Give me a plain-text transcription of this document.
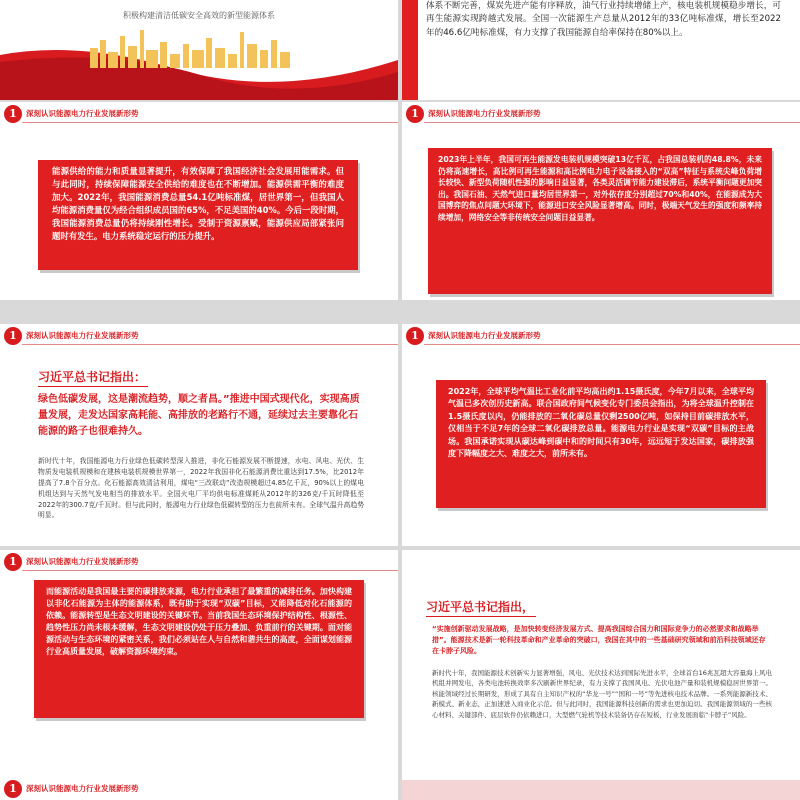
积极构建清洁低碳安全高效的新型能源体系
体系不断完善，煤炭先进产能有序释放，油气行业持续增储上产，核电装机规模稳步增长，可再生能源实现跨越式发展。全国一次能源生产总量从2012年的33亿吨标准煤，增长至2022年的46.6亿吨标准煤，有力支撑了我国能源自给率保持在80%以上。
1	深刻认识能源电力行业发展新形势
能源供给的能力和质量显著提升，有效保障了我国经济社会发展用能需求。但与此同时，持续保障能源安全供给的难度也在不断增加。能源供需平衡的难度加大。2022年，我国能源消费总量54.1亿吨标准煤，居世界第一，但我国人均能源消费量仅为经合组织成员国的65%，不足美国的40%。今后一段时期，我国能源消费总量仍将持续刚性增长。受制于资源禀赋，能源供应局部紧张问题时有发生。电力系统稳定运行的压力提升。
1	深刻认识能源电力行业发展新形势
2023年上半年，我国可再生能源发电装机规模突破13亿千瓦，占我国总装机的48.8%，未来仍将高速增长，高比例可再生能源和高比例电力电子设备接入的“双高”特征与系统尖峰负荷增长较快、新型负荷随机性强的影响日益显著，各类灵活调节能力建设滞后，系统平衡问题更加突出。我国石油、天然气进口量均居世界第一，对外依存度分别超过70%和40%，在能源成为大国博弈的焦点问题大环境下，能源进口安全风险显著增高。同时，极端天气发生的强度和频率持续增加，网络安全等非传统安全问题日益显著。
1	深刻认识能源电力行业发展新形势
习近平总书记指出：
绿色低碳发展，这是潮流趋势，顺之者昌。”推进中国式现代化，实现高质量发展，走发达国家高耗能、高排放的老路行不通，延续过去主要靠化石能源的路子也很难持久。
新时代十年，我国能源电力行业绿色低碳转型深入推进，非化石能源发展不断提速，水电、风电、光伏、生物质发电装机规模和在建核电装机规模世界第一，2022年我国非化石能源消费比重达到17.5%，比2012年提高了7.8个百分点。化石能源高效清洁利用，煤电“三改联动”改造规模超过4.85亿千瓦，90%以上的煤电机组达到与天然气发电相当的排放水平。全国火电厂平均供电标准煤耗从2012年的326克/千瓦时降低至2022年的300.7克/千瓦时。但与此同时，能源电力行业绿色低碳转型的压力也前所未有。全球气温升高趋势明显。
1	深刻认识能源电力行业发展新形势
2022年，全球平均气温比工业化前平均高出约1.15摄氏度，今年7月以来，全球平均气温已多次创历史新高。联合国政府间气候变化专门委员会指出，为将全球温升控制在1.5摄氏度以内，仍能排放的二氧化碳总量仅剩2500亿吨，如保持目前碳排放水平，仅相当于不足7年的全球二氧化碳排放总量。能源电力行业是实现“双碳”目标的主战场。我国承诺实现从碳达峰到碳中和的时间只有30年，远远短于发达国家，碳排放强度下降幅度之大、难度之大，前所未有。
1	深刻认识能源电力行业发展新形势
而能源活动是我国最主要的碳排放来源，电力行业承担了最繁重的减排任务。加快构建以非化石能源为主体的能源体系，既有助于实现“双碳”目标，又能降低对化石能源的依赖。能源转型是生态文明建设的关键环节。当前我国生态环境保护结构性、根源性、趋势性压力尚未根本缓解，生态文明建设仍处于压力叠加、负重前行的关键期。面对能源活动与生态环境的紧密关系，我们必须站在人与自然和谐共生的高度，全面谋划能源行业高质量发展，破解资源环境约束。
习近平总书记指出，
“实施创新驱动发展战略，是加快转变经济发展方式、提高我国综合国力和国际竞争力的必然要求和战略举措”。能源技术是新一轮科技革命和产业革命的突破口，我国在其中的一些基础研究领域和前沿科技领域还存在卡脖子风险。
新时代十年，我国能源技术创新实力显著增强，风电、光伏技术达到国际先进水平，全球首台16兆瓦超大容量海上风电机组并网发电，各类电池转换效率多次刷新世界纪录，有力支撑了我国风电、光伏电池产量和装机规模稳居世界第一。核能领域经过长期研发，形成了具有自主知识产权的“华龙一号”“国和一号”等先进核电技术品牌。一系列能源新技术、新模式、新业态，正加速进入商业化示范。但与此同时，我国能源科技创新的需求也更加迫切。我国能源领域的一些核心材料、关键部件、底层软件仍依赖进口，大型燃气轮机等技术装备仍存在短板，行业发展面临“卡脖子”风险。
1	深刻认识能源电力行业发展新形势
